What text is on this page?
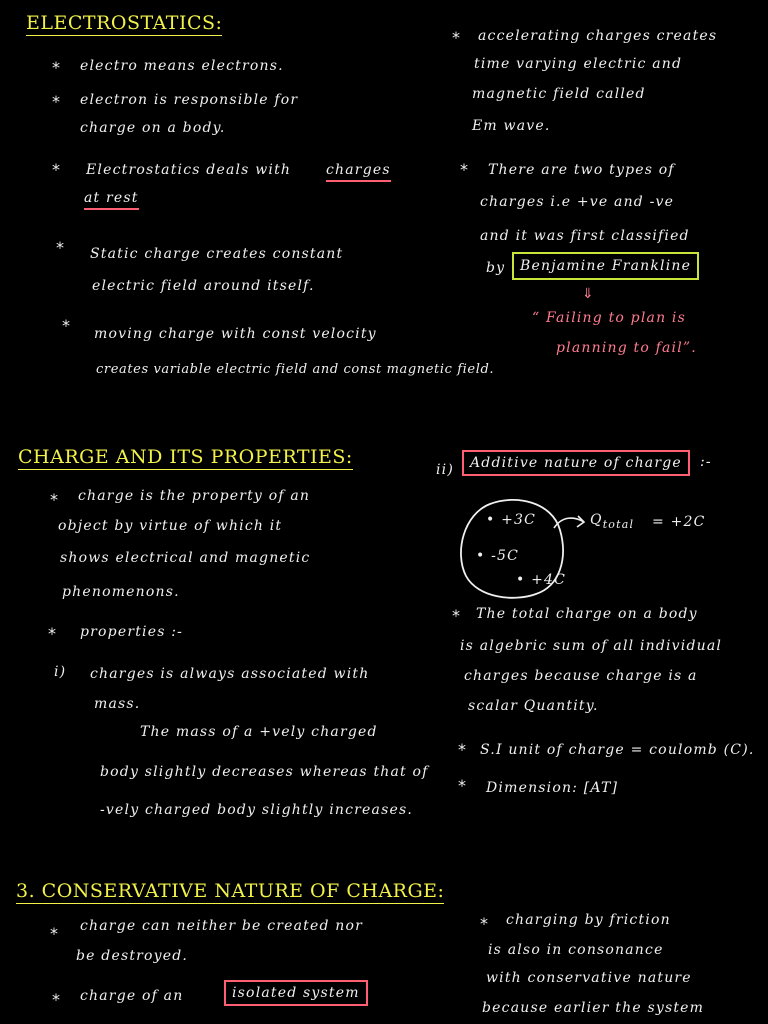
ELECTROSTATICS:
* electro means electrons.
* electron is responsible for
charge on a body.
* Electrostatics deals with charges
at rest
* Static charge creates constant
electric field around itself.
* moving charge with const velocity
creates variable electric field and const magnetic field.
* accelerating charges creates
time varying electric and
magnetic field called
Em wave.
* There are two types of
charges i.e +ve and -ve
and it was first classified
by	Benjamine Frankline
⇓
“ Failing to plan is
planning to fail”.
CHARGE AND ITS PROPERTIES:
* charge is the property of an
object by virtue of which it
shows electrical and magnetic
phenomenons.
* properties :-
i) charges is always associated with
mass.
The mass of a +vely charged
body slightly decreases whereas that of
-vely charged body slightly increases.
ii)	Additive nature of charge	:-
• +3C
• -5C
• +4C
$Q_{total} = +2C$
* The total charge on a body
is algebric sum of all individual
charges because charge is a
scalar Quantity.
* S.I unit of charge = coulomb (C).
* Dimension: [AT]
3. CONSERVATIVE NATURE OF CHARGE:
* charge can neither be created nor
be destroyed.
* charge of an	isolated system
* charging by friction
is also in consonance
with conservative nature
because earlier the system
